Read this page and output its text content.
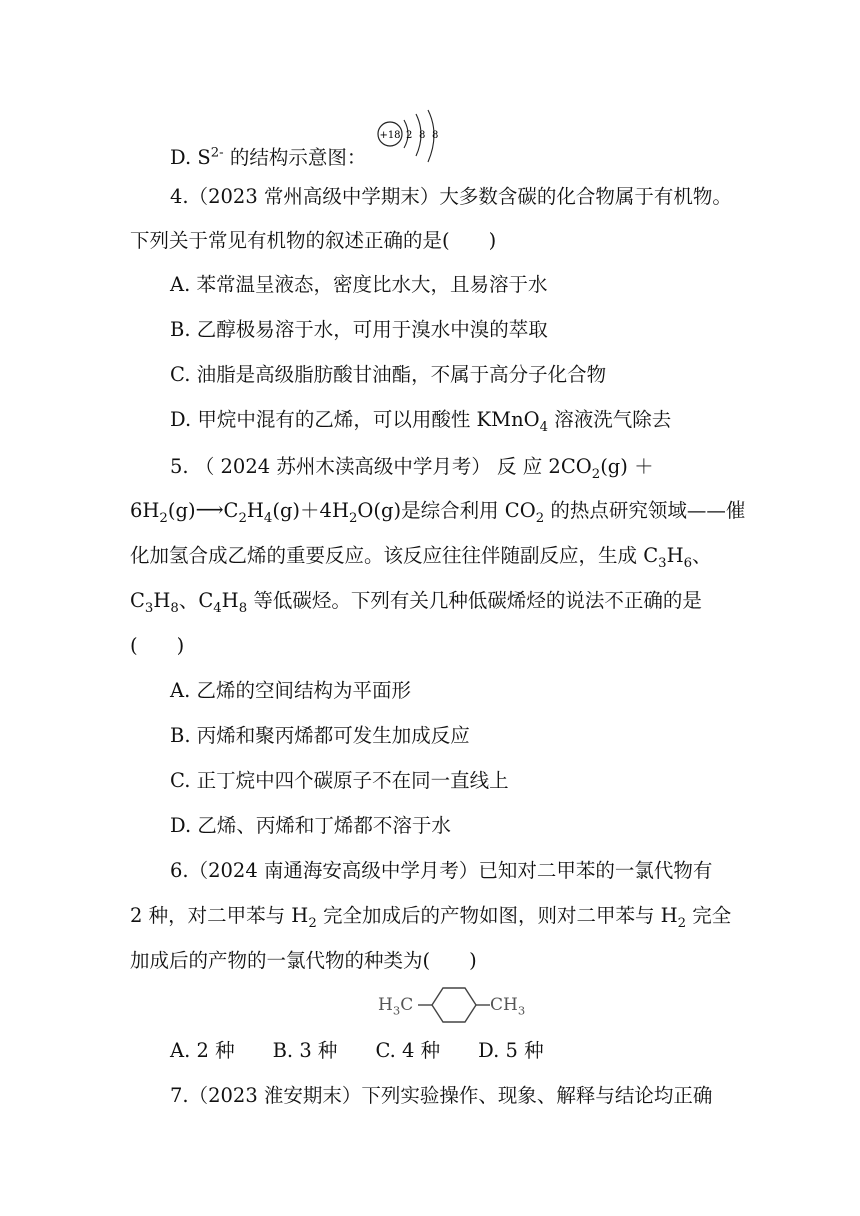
D. $S^{2-}$ 的结构示意图：
+18 2 8 8
4.（2023 常州高级中学期末）大多数含碳的化合物属于有机物。
下列关于常见有机物的叙述正确的是(　　)
A. 苯常温呈液态，密度比水大，且易溶于水
B. 乙醇极易溶于水，可用于溴水中溴的萃取
C. 油脂是高级脂肪酸甘油酯，不属于高分子化合物
D. 甲烷中混有的乙烯，可以用酸性 KMnO$_4$ 溶液洗气除去
5. （ 2024 苏州木渎高级中学月考） 反 应 $2CO_2(g)$ ＋
$6H_2(g)⟶C_2H_4(g)+4H_2O(g)$是综合利用 $CO_2$ 的热点研究领域——催
化加氢合成乙烯的重要反应。该反应往往伴随副反应，生成 $C_3H_6$、
$C_3H_8$、$C_4H_8$ 等低碳烃。下列有关几种低碳烯烃的说法不正确的是
(　　)
A. 乙烯的空间结构为平面形
B. 丙烯和聚丙烯都可发生加成反应
C. 正丁烷中四个碳原子不在同一直线上
D. 乙烯、丙烯和丁烯都不溶于水
6.（2024 南通海安高级中学月考）已知对二甲苯的一氯代物有
2 种，对二甲苯与 $H_2$ 完全加成后的产物如图，则对二甲苯与 $H_2$ 完全
加成后的产物的一氯代物的种类为(　　)
$H_3C$	$CH_3$
A. 2 种 B. 3 种 C. 4 种 D. 5 种
7.（2023 淮安期末）下列实验操作、现象、解释与结论均正确
